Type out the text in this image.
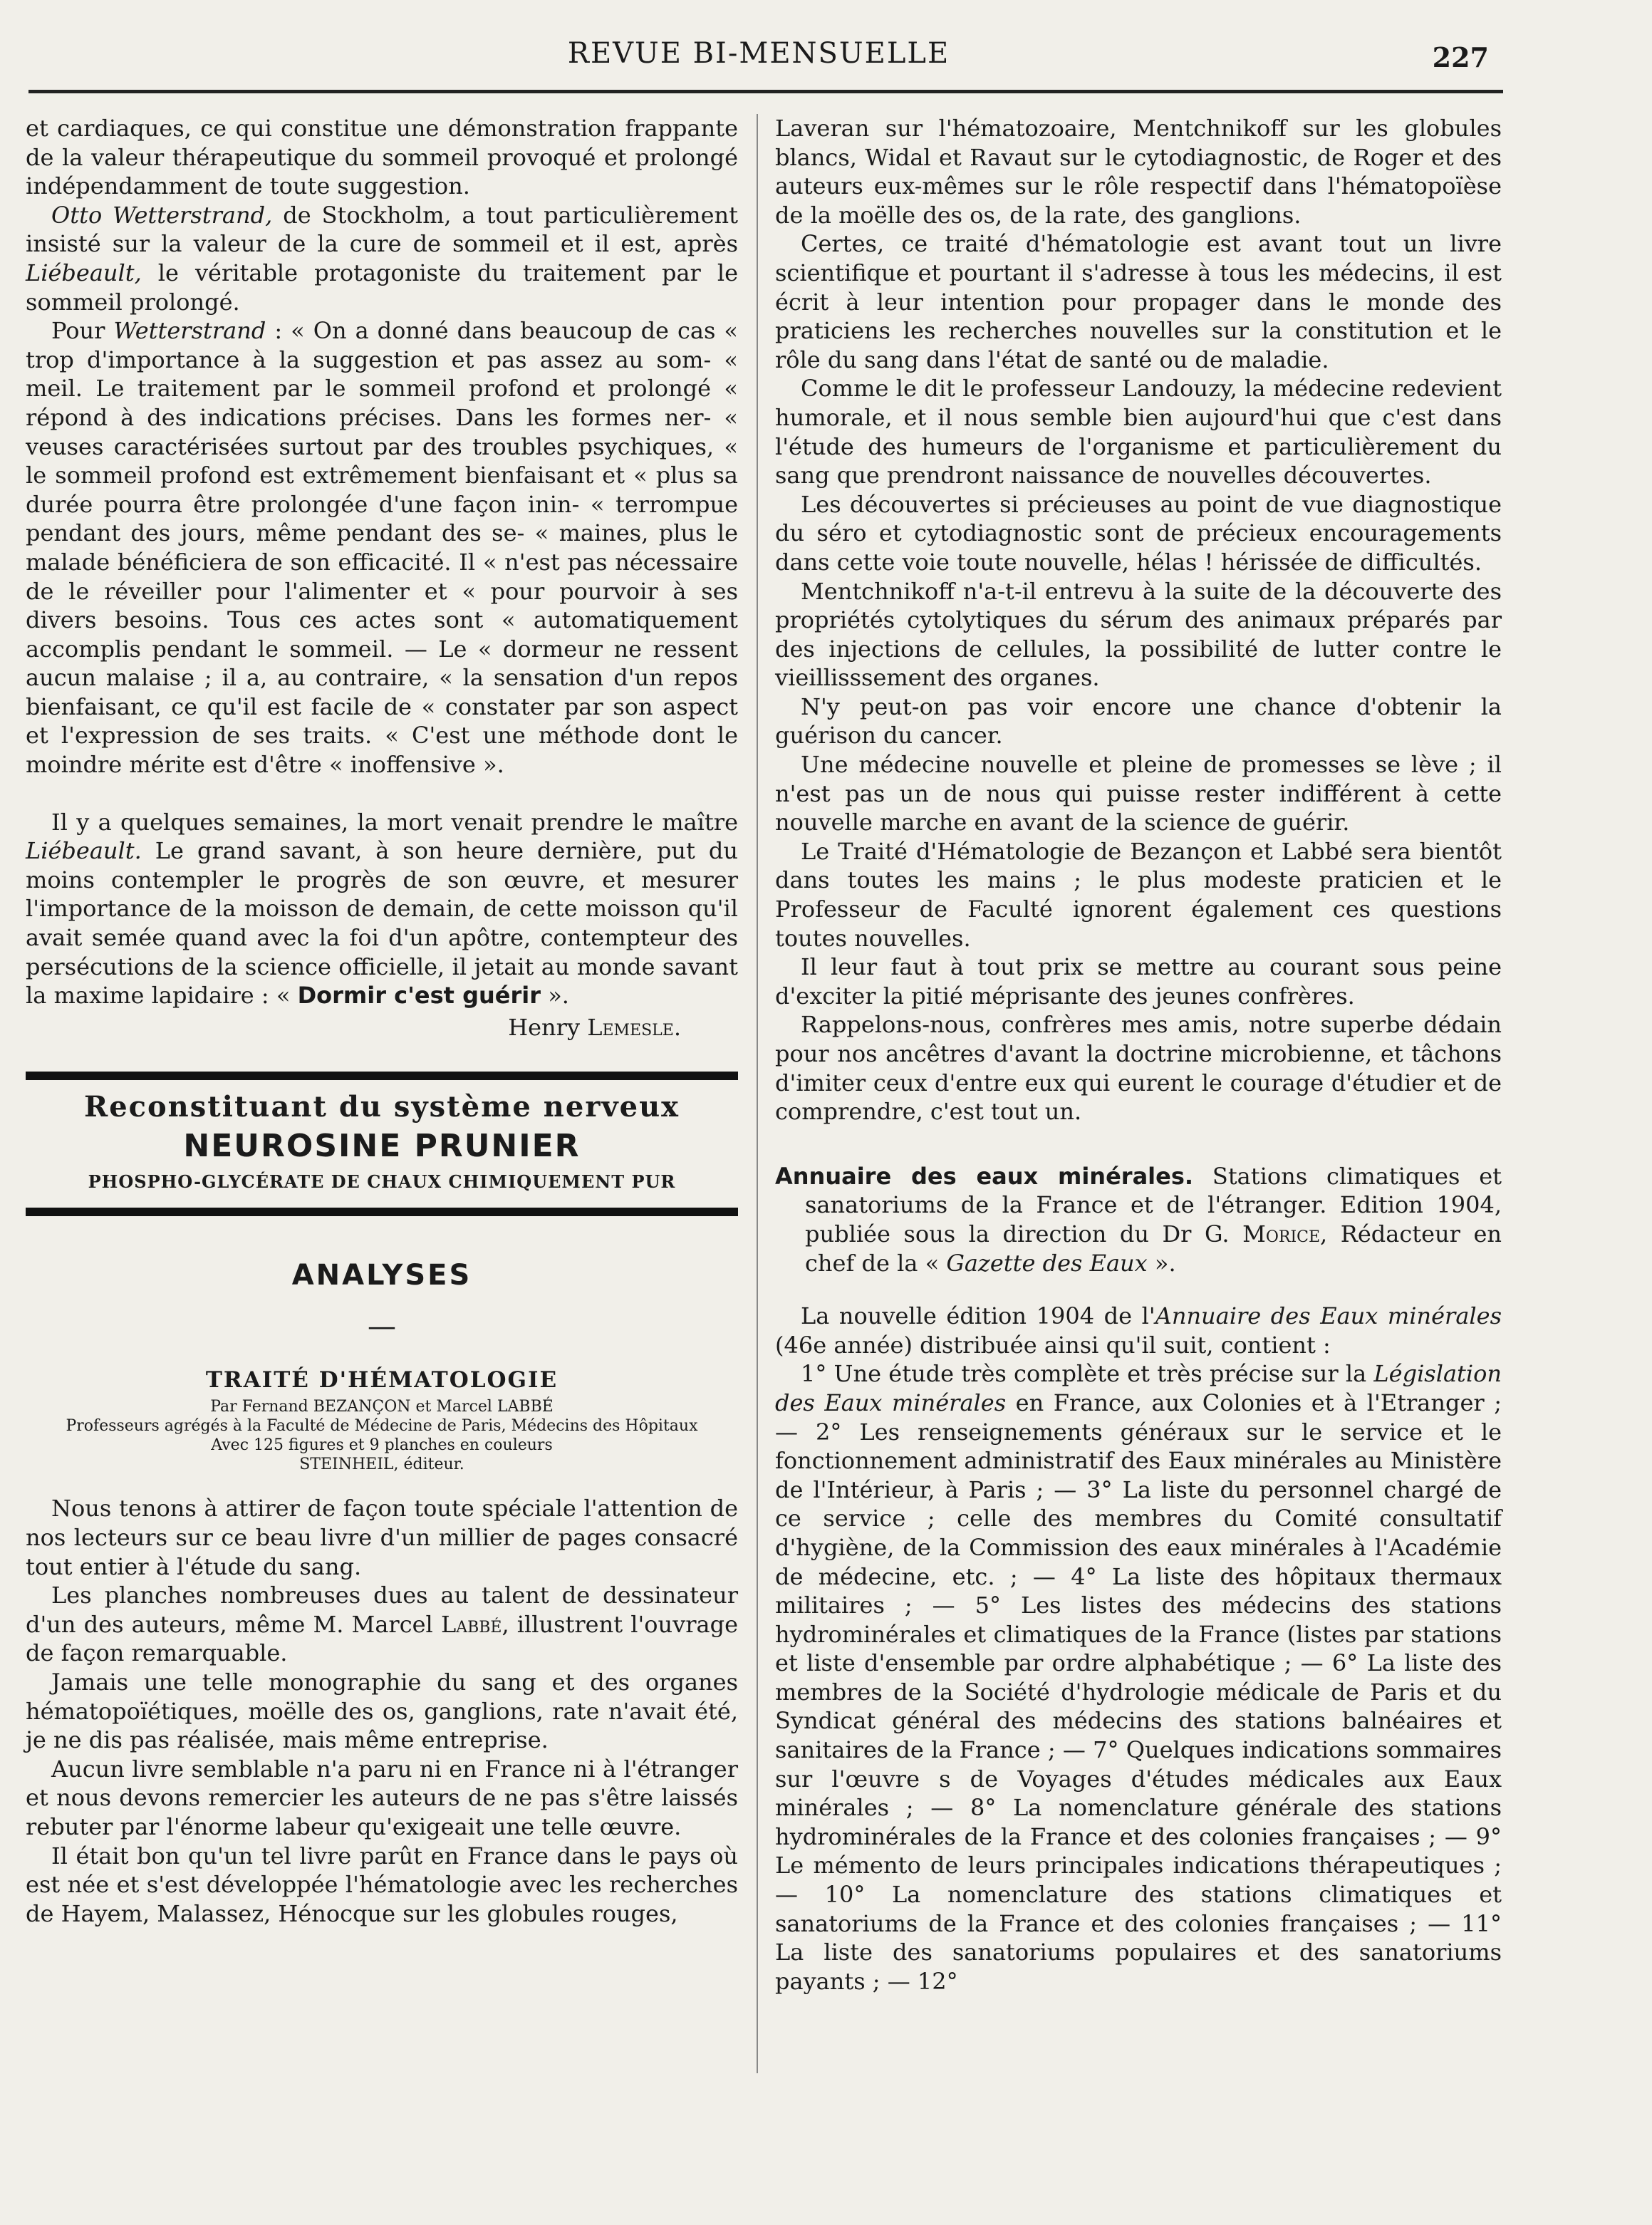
REVUE BI-MENSUELLE	227

et cardiaques, ce qui constitue une démonstration frappante de la valeur thérapeutique du sommeil provoqué et prolongé indépendamment de toute suggestion.

Otto Wetterstrand, de Stockholm, a tout particulièrement insisté sur la valeur de la cure de sommeil et il est, après Liébeault, le véritable protagoniste du traitement par le sommeil prolongé.

Pour Wetterstrand : « On a donné dans beaucoup de cas « trop d'importance à la suggestion et pas assez au som- « meil. Le traitement par le sommeil profond et prolongé « répond à des indications précises. Dans les formes ner- « veuses caractérisées surtout par des troubles psychiques, « le sommeil profond est extrêmement bienfaisant et « plus sa durée pourra être prolongée d'une façon inin- « terrompue pendant des jours, même pendant des se- « maines, plus le malade bénéficiera de son efficacité. Il « n'est pas nécessaire de le réveiller pour l'alimenter et « pour pourvoir à ses divers besoins. Tous ces actes sont « automatiquement accomplis pendant le sommeil. — Le « dormeur ne ressent aucun malaise ; il a, au contraire, « la sensation d'un repos bienfaisant, ce qu'il est facile de « constater par son aspect et l'expression de ses traits. « C'est une méthode dont le moindre mérite est d'être « inoffensive ».

Il y a quelques semaines, la mort venait prendre le maître Liébeault. Le grand savant, à son heure dernière, put du moins contempler le progrès de son œuvre, et mesurer l'importance de la moisson de demain, de cette moisson qu'il avait semée quand avec la foi d'un apôtre, contempteur des persécutions de la science officielle, il jetait au monde savant la maxime lapidaire : « Dormir c'est guérir ».

Henry Lemesle.

Reconstituant du système nerveux
NEUROSINE PRUNIER
PHOSPHO-GLYCÉRATE DE CHAUX CHIMIQUEMENT PUR
ANALYSES
—
TRAITÉ D'HÉMATOLOGIE
Par Fernand BEZANÇON et Marcel LABBÉ
Professeurs agrégés à la Faculté de Médecine de Paris, Médecins des Hôpitaux
Avec 125 figures et 9 planches en couleurs
STEINHEIL, éditeur.

Nous tenons à attirer de façon toute spéciale l'attention de nos lecteurs sur ce beau livre d'un millier de pages consacré tout entier à l'étude du sang.

Les planches nombreuses dues au talent de dessinateur d'un des auteurs, même M. Marcel Labbé, illustrent l'ouvrage de façon remarquable.

Jamais une telle monographie du sang et des organes hématopoïétiques, moëlle des os, ganglions, rate n'avait été, je ne dis pas réalisée, mais même entreprise.

Aucun livre semblable n'a paru ni en France ni à l'étranger et nous devons remercier les auteurs de ne pas s'être laissés rebuter par l'énorme labeur qu'exigeait une telle œuvre.

Il était bon qu'un tel livre parût en France dans le pays où est née et s'est développée l'hématologie avec les recherches de Hayem, Malassez, Hénocque sur les globules rouges,

Laveran sur l'hématozoaire, Mentchnikoff sur les globules blancs, Widal et Ravaut sur le cytodiagnostic, de Roger et des auteurs eux-mêmes sur le rôle respectif dans l'hématopoïèse de la moëlle des os, de la rate, des ganglions.

Certes, ce traité d'hématologie est avant tout un livre scientifique et pourtant il s'adresse à tous les médecins, il est écrit à leur intention pour propager dans le monde des praticiens les recherches nouvelles sur la constitution et le rôle du sang dans l'état de santé ou de maladie.

Comme le dit le professeur Landouzy, la médecine redevient humorale, et il nous semble bien aujourd'hui que c'est dans l'étude des humeurs de l'organisme et particulièrement du sang que prendront naissance de nouvelles découvertes.

Les découvertes si précieuses au point de vue diagnostique du séro et cytodiagnostic sont de précieux encouragements dans cette voie toute nouvelle, hélas ! hérissée de difficultés.

Mentchnikoff n'a-t-il entrevu à la suite de la découverte des propriétés cytolytiques du sérum des animaux préparés par des injections de cellules, la possibilité de lutter contre le vieillisssement des organes.

N'y peut-on pas voir encore une chance d'obtenir la guérison du cancer.

Une médecine nouvelle et pleine de promesses se lève ; il n'est pas un de nous qui puisse rester indifférent à cette nouvelle marche en avant de la science de guérir.

Le Traité d'Hématologie de Bezançon et Labbé sera bientôt dans toutes les mains ; le plus modeste praticien et le Professeur de Faculté ignorent également ces questions toutes nouvelles.

Il leur faut à tout prix se mettre au courant sous peine d'exciter la pitié méprisante des jeunes confrères.

Rappelons-nous, confrères mes amis, notre superbe dédain pour nos ancêtres d'avant la doctrine microbienne, et tâchons d'imiter ceux d'entre eux qui eurent le courage d'étudier et de comprendre, c'est tout un.

Annuaire des eaux minérales. Stations climatiques et sanatoriums de la France et de l'étranger. Edition 1904, publiée sous la direction du Dr G. Morice, Rédacteur en chef de la « Gazette des Eaux ».

La nouvelle édition 1904 de l'Annuaire des Eaux minérales (46e année) distribuée ainsi qu'il suit, contient :

1° Une étude très complète et très précise sur la Législation des Eaux minérales en France, aux Colonies et à l'Etranger ; — 2° Les renseignements généraux sur le service et le fonctionnement administratif des Eaux minérales au Ministère de l'Intérieur, à Paris ; — 3° La liste du personnel chargé de ce service ; celle des membres du Comité consultatif d'hygiène, de la Commission des eaux minérales à l'Académie de médecine, etc. ; — 4° La liste des hôpitaux thermaux militaires ; — 5° Les listes des médecins des stations hydrominérales et climatiques de la France (listes par stations et liste d'ensemble par ordre alphabétique ; — 6° La liste des membres de la Société d'hydrologie médicale de Paris et du Syndicat général des médecins des stations balnéaires et sanitaires de la France ; — 7° Quelques indications sommaires sur l'œuvre s de Voyages d'études médicales aux Eaux minérales ; — 8° La nomenclature générale des stations hydrominérales de la France et des colonies françaises ; — 9° Le mémento de leurs principales indications thérapeutiques ; — 10° La nomenclature des stations climatiques et sanatoriums de la France et des colonies françaises ; — 11° La liste des sanatoriums populaires et des sanatoriums payants ; — 12°
